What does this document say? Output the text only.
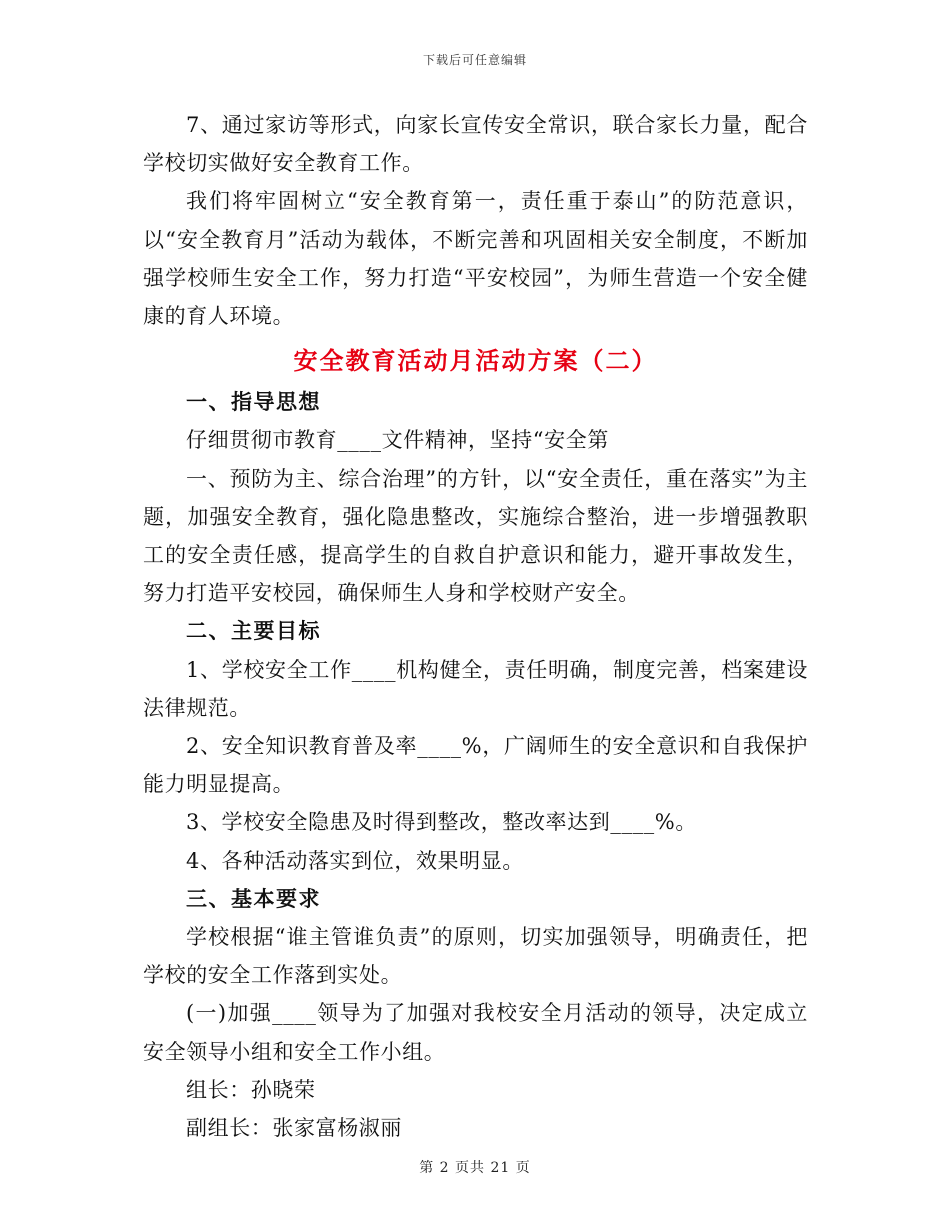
下载后可任意编辑

7、通过家访等形式，向家长宣传安全常识，联合家长力量，配合学校切实做好安全教育工作。

我们将牢固树立“安全教育第一，责任重于泰山”的防范意识，以“安全教育月”活动为载体，不断完善和巩固相关安全制度，不断加强学校师生安全工作，努力打造“平安校园”，为师生营造一个安全健康的育人环境。

安全教育活动月活动方案（二）

一、指导思想

仔细贯彻市教育____文件精神，坚持“安全第

一、预防为主、综合治理”的方针，以“安全责任，重在落实”为主题，加强安全教育，强化隐患整改，实施综合整治，进一步增强教职工的安全责任感，提高学生的自救自护意识和能力，避开事故发生，努力打造平安校园，确保师生人身和学校财产安全。

二、主要目标

1、学校安全工作____机构健全，责任明确，制度完善，档案建设法律规范。

2、安全知识教育普及率____%，广阔师生的安全意识和自我保护能力明显提高。

3、学校安全隐患及时得到整改，整改率达到____%。

4、各种活动落实到位，效果明显。

三、基本要求

学校根据“谁主管谁负责”的原则，切实加强领导，明确责任，把学校的安全工作落到实处。

(一)加强____领导为了加强对我校安全月活动的领导，决定成立安全领导小组和安全工作小组。

组长：孙晓荣

副组长：张家富杨淑丽

第 2 页共 21 页
